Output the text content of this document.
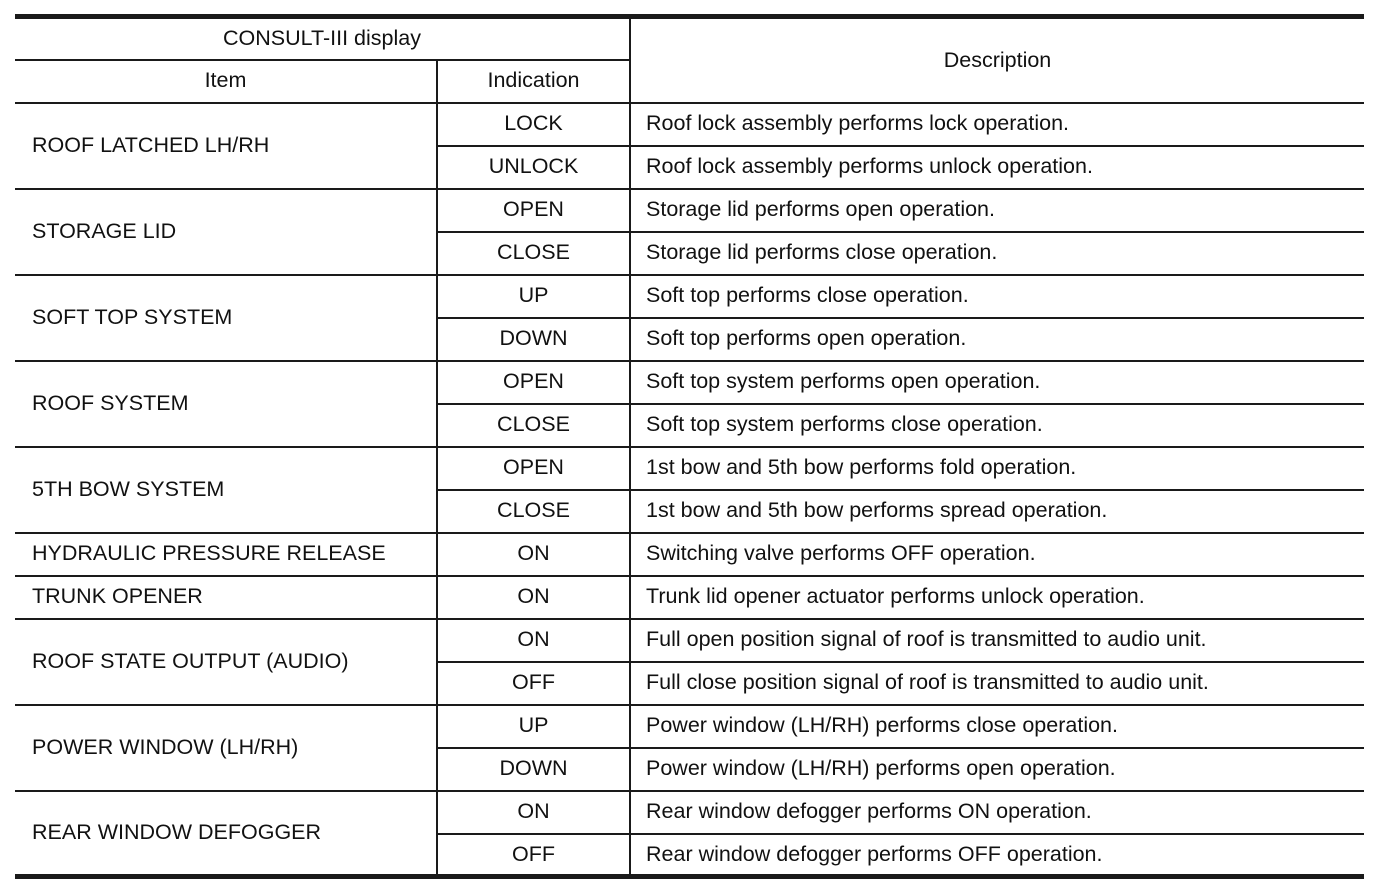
CONSULT-III display		Description
Item	Indication	
ROOF LATCHED LH/RH	LOCK	Roof lock assembly performs lock operation.
	UNLOCK	Roof lock assembly performs unlock operation.
STORAGE LID	OPEN	Storage lid performs open operation.
	CLOSE	Storage lid performs close operation.
SOFT TOP SYSTEM	UP	Soft top performs close operation.
	DOWN	Soft top performs open operation.
ROOF SYSTEM	OPEN	Soft top system performs open operation.
	CLOSE	Soft top system performs close operation.
5TH BOW SYSTEM	OPEN	1st bow and 5th bow performs fold operation.
	CLOSE	1st bow and 5th bow performs spread operation.
HYDRAULIC PRESSURE RELEASE	ON	Switching valve performs OFF operation.
TRUNK OPENER	ON	Trunk lid opener actuator performs unlock operation.
ROOF STATE OUTPUT (AUDIO)	ON	Full open position signal of roof is transmitted to audio unit.
	OFF	Full close position signal of roof is transmitted to audio unit.
POWER WINDOW (LH/RH)	UP	Power window (LH/RH) performs close operation.
	DOWN	Power window (LH/RH) performs open operation.
REAR WINDOW DEFOGGER	ON	Rear window defogger performs ON operation.
	OFF	Rear window defogger performs OFF operation.
